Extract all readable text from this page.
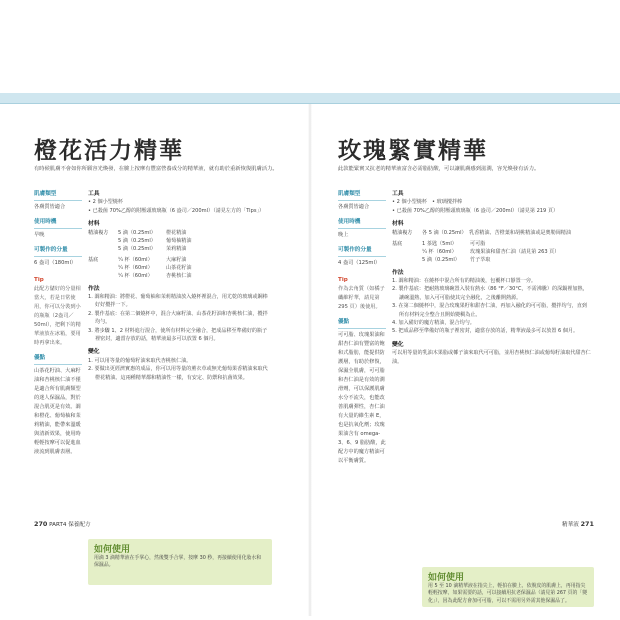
橙花活力精華
有時候肌膚不會如你所願容光煥發，在臉上按摩有豐富營養成分的精華液，就有助於重新恢復肌膚活力。
肌膚類型
各膚質皆適合
使用時機
早晚
可製作的分量
6 盎司（180ml）
Tip
此配方儲好的分量相當大，若是日常使用，你可以分裝到小的瓶瓶（2盎司／50ml），把剩下的精華液放在冰箱，要用時再拿出來。
優點
山茶花籽油、大麻籽油和杏桃核仁油不僅是適合所有肌膚類型的迷人保濕品，對於混合肌更是有效。調和橙花、葡萄柚和茉莉精油，能帶來溫暖與清新效果，使用時輕輕按摩可以促進血液流到肌膚表層。
工具
• 2 個小型燒杯
• 已殺菌 70%乙醇的附壓頭玻璃瓶（6 盎司／200ml）（請見左方的「Tips」）
材料
精油複方	5 滴（0.25ml）	橙花精油
5 滴（0.25ml）	葡萄柚精油
5 滴（0.25ml）	茉莉精油
基底	¼ 杯（60ml）	大麻籽油
¼ 杯（60ml）	山茶花籽油
¼ 杯（60ml）	杏桃核仁油
作法
1. 調和精油：將橙花、葡萄柚和茉莉精油放入燒杯裡混合，用尤乾的玻璃或鋼棒好好攪拌一下。
2. 製作基底：在第二個燒杯中，混合大麻籽油、山茶花籽油和杏桃核仁油，攪拌均勻。
3. 將步驟 1、2 材料進行混合，使所有材料完全融合，把成品移至準備好的瓶子裡密封，適當存放的話，精華液最多可以放置 6 個月。
變化
1. 可以用等量的葡萄籽油來取代杏桃核仁油。
2. 要做出更經濟實惠的成品，你可以用等量的薰衣草或無光葡萄果香精油來取代橙花精油。這兩種精華都和精油性一樣，有安定、防禦和抗菌效果。
如何使用
用滴 3 滴精華液在手掌心，然後雙手合掌，按摩 30 秒，再接續使用化妝水和保濕品。
玫瑰緊實精華
此款能緊實又抗老的精華液富含必需脂肪酸，可以讓肌膚感到滋潤，容光煥發有活力。
肌膚類型
各膚質皆適合
使用時機
晚上
可製作的分量
4 盎司（125ml）
Tip
作為去角質（如橘子纖維籽華，請見第 295 頁）後使用。
優點
可可脂、玫瑰果油和甜杏仁油有豐富的飽和式脂肪，能提供防護層，有助於修復，保濕全肌膚，可可脂和杏仁油是有效的潤滑劑，可以保護肌膚水分不流失，也能改善肌膚彈性，杏仁油有大量的維生素 E，也是抗氧化劑；玫瑰果油含有 omega-3、6、9 脂肪酸，此配方中的魔方精油可以平衡膚質。
工具
• 2 個小型燒杯　• 玻璃攪拌棒
• 已殺菌 70%乙醇的附壓頭玻璃瓶（6 盎司／200ml）（請見第 219 頁）
材料
精油複方	各 5 滴（0.25ml）　乳香精油、苦橙葉和胡桃精油或是奧勒岡精油
基底	1 茶匙（5ml）	可可脂
¼ 杯（60ml）	玫瑰果油和甜杏仁油（請見第 263 頁）
5 滴（0.25ml）	竹子萃取
作法
1. 調和精油：在燒杯中混合所有的精油後，包覆杯口靜置一旁。
2. 製作基底：把耐熱玻璃碗置入裝有熱水（86 °F／30°C，不需沸騰）的深鍋裡加熱，讓碗溫熱，加入可可脂使其完全融化，之後離開熱源。
3. 在第二個燒杯中，混合玫瑰果籽和甜杏仁油，再加入融化的可可脂，攪拌均勻，直到所有材料完全整合且開始變稠為止。
4. 加入備好的魔方精油，混合均勻。
5. 把成品移至準備好的瓶子裡密封，適當存放的話，精華液最多可以放置 6 個月。
變化
可以用等量的乳油木果脂或椰子油來取代可可脂，並用杏桃核仁油或葡萄籽油取代甜杏仁油。
如何使用
用 5 至 10 滴精華液在指尖上，輕拍在臉上，依脫皮的肌膚上，再用指尖輕輕按摩，如果需要的話，可以接續用抗老保濕品（請見第 267 頁的「變化」），因為此配方會加可可脂，可以不需用另外需其他保濕品了。
270 PART4 保養配方	精華液 271
